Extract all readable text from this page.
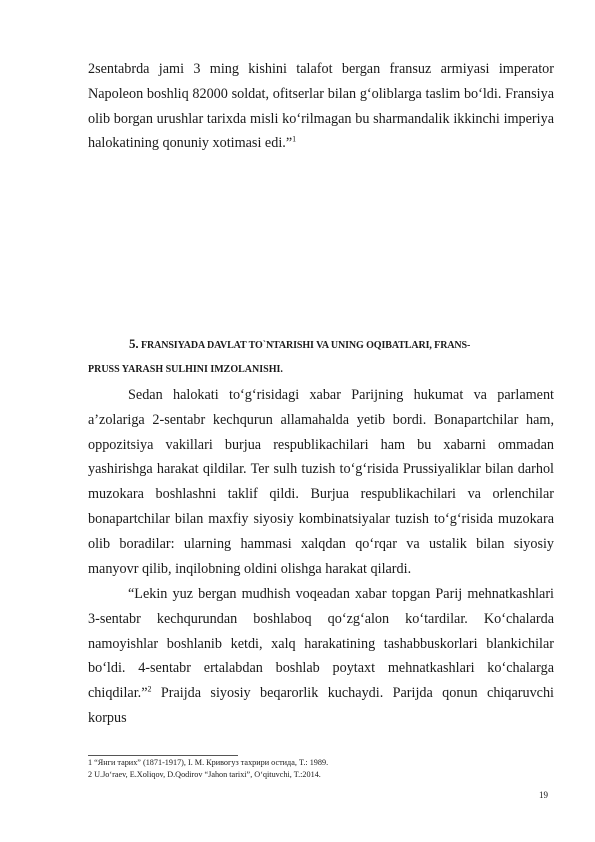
2sentabrda jami 3 ming kishini talafot bergan fransuz armiyasi imperator Napoleon boshliq 82000 soldat, ofitserlar bilan g‘oliblarga taslim bo‘ldi. Fransiya olib borgan urushlar tarixda misli ko‘rilmagan bu sharmandalik ikkinchi imperiya halokatining qonuniy xotimasi edi.”$^1$

5. FRANSIYADA DAVLAT TO`NTARISHI VA UNING OQIBATLARI, FRANS-

PRUSS YARASH SULHINI IMZOLANISHI.

Sedan halokati to‘g‘risidagi xabar Parijning hukumat va parlament a’zolariga 2-sentabr kechqurun allamahalda yetib bordi. Bonapartchilar ham, oppozitsiya vakillari burjua respublikachilari ham bu xabarni ommadan yashirishga harakat qildilar. Ter sulh tuzish to‘g‘risida Prussiyaliklar bilan darhol muzokara boshlashni taklif qildi. Burjua respublikachilari va orlenchilar bonapartchilar bilan maxfiy siyosiy kombinatsiyalar tuzish to‘g‘risida muzokara olib boradilar: ularning hammasi xalqdan qo‘rqar va ustalik bilan siyosiy manyovr qilib, inqilobning oldini olishga harakat qilardi.

“Lekin yuz bergan mudhish voqeadan xabar topgan Parij mehnatkashlari 3-sentabr kechqurundan boshlaboq qo‘zg‘alon ko‘tardilar. Ko‘chalarda namoyishlar boshlanib ketdi, xalq harakatining tashabbuskorlari blankichilar bo‘ldi. 4-sentabr ertalabdan boshlab poytaxt mehnatkashlari ko‘chalarga chiqdilar.”$^2$ Praijda siyosiy beqarorlik kuchaydi. Parijda qonun chiqaruvchi korpus

1 “Янги тарих” (1871-1917), I. M. Кривогуз тахрири остида, T.: 1989.

2 U.Jo‘raev, E.Xoliqov, D.Qodirov “Jahon tarixi”, O‘qituvchi, T.:2014.

19
